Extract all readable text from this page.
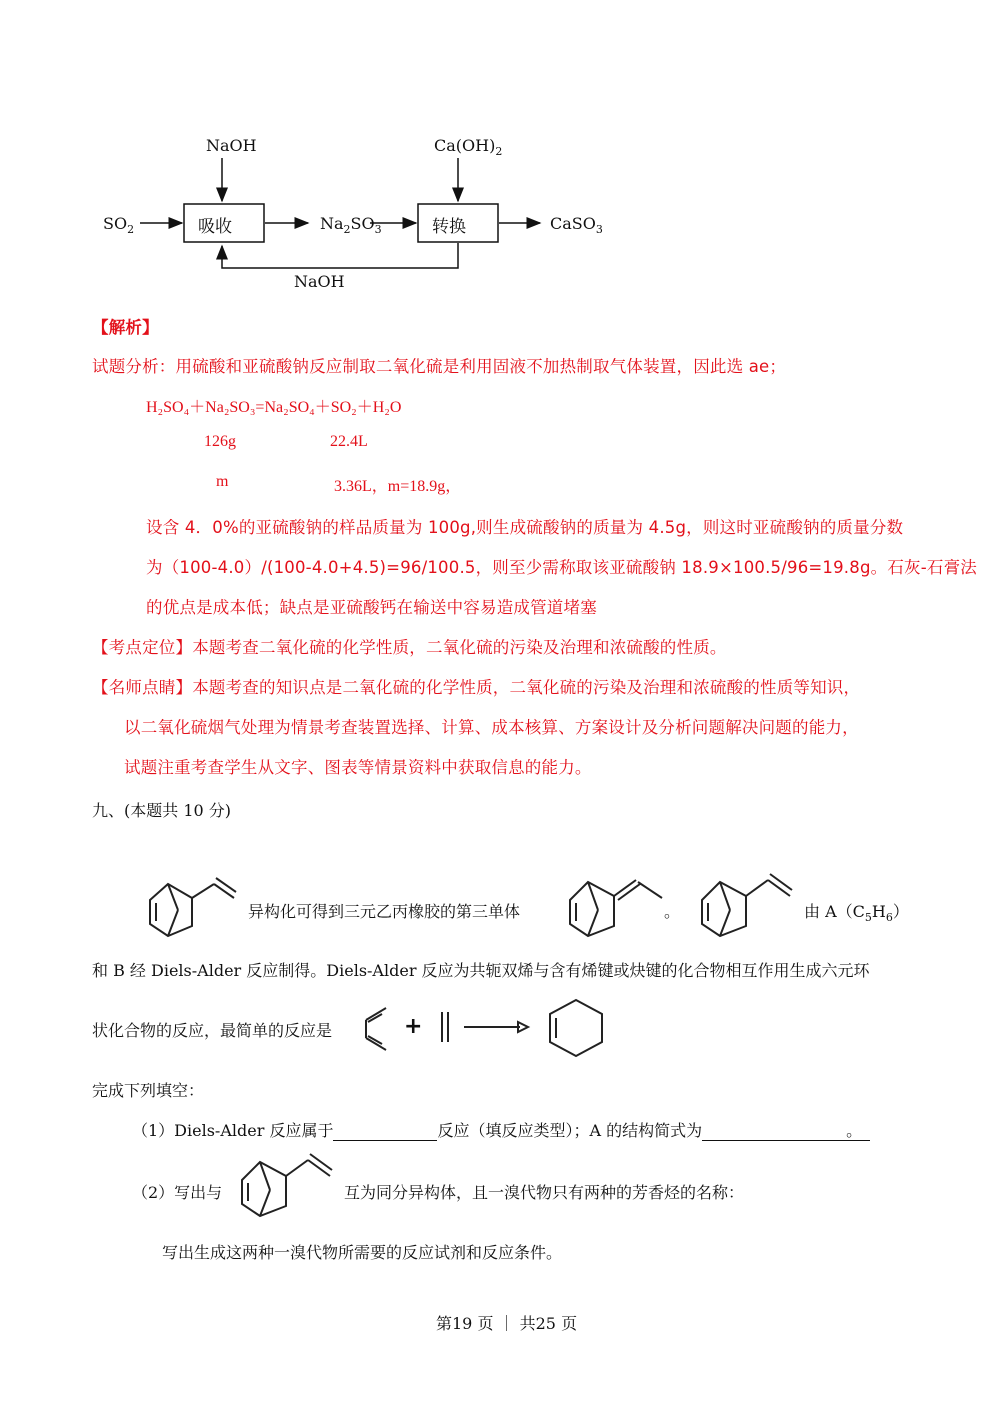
NaOH	$Ca(OH)_2$
$SO_2$	$Na_2SO_3$	CaSO$_3$
NaOH
吸收	转换
【解析】
试题分析：用硫酸和亚硫酸钠反应制取二氧化硫是利用固液不加热制取气体装置，因此选 ae；
H₂SO₄＋Na₂SO₃=Na₂SO₄＋SO₂＋H₂O
126g	22.4L
m	3.36L，m=18.9g，
设含 4．0%的亚硫酸钠的样品质量为 100g,则生成硫酸钠的质量为 4.5g，则这时亚硫酸钠的质量分数
为（100-4.0）/(100-4.0+4.5)=96/100.5，则至少需称取该亚硫酸钠 18.9×100.5/96=19.8g。石灰-石膏法
的优点是成本低；缺点是亚硫酸钙在输送中容易造成管道堵塞
【考点定位】本题考查二氧化硫的化学性质，二氧化硫的污染及治理和浓硫酸的性质。
【名师点睛】本题考查的知识点是二氧化硫的化学性质，二氧化硫的污染及治理和浓硫酸的性质等知识，
以二氧化硫烟气处理为情景考查装置选择、计算、成本核算、方案设计及分析问题解决问题的能力，
试题注重考查学生从文字、图表等情景资料中获取信息的能力。
九、(本题共 10 分)
异构化可得到三元乙丙橡胶的第三单体	。	由 $A(C_5H_6)$
和 B 经 Diels-Alder 反应制得。Diels-Alder 反应为共轭双烯与含有烯键或炔键的化合物相互作用生成六元环
状化合物的反应，最简单的反应是	+
完成下列填空：
（1）Diels-Alder 反应属于	反应（填反应类型）；A 的结构简式为	。
（2）写出与	互为同分异构体，且一溴代物只有两种的芳香烃的名称：
写出生成这两种一溴代物所需要的反应试剂和反应条件。
第19 页 ｜ 共25 页
